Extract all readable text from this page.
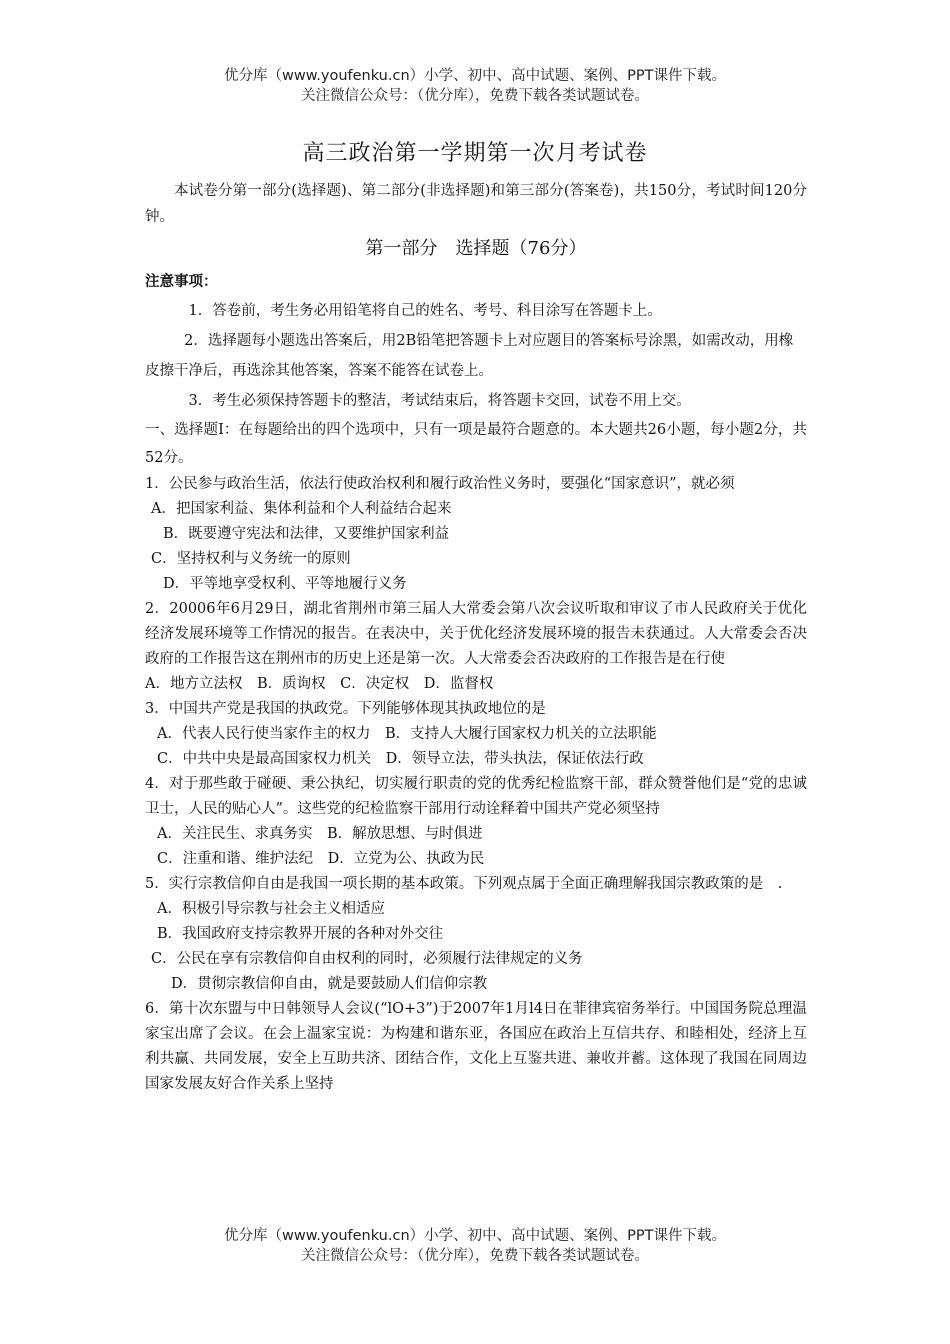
优分库（www.youfenku.cn）小学、初中、高中试题、案例、PPT课件下载。
关注微信公众号：（优分库），免费下载各类试题试卷。
高三政治第一学期第一次月考试卷
本试卷分第一部分(选择题)、第二部分(非选择题)和第三部分(答案卷)，共150分，考试时间120分钟。
第一部分　选择题（76分）
注意事项：
1．答卷前，考生务必用铅笔将自己的姓名、考号、科目涂写在答题卡上。
2．选择题每小题选出答案后，用2B铅笔把答题卡上对应题目的答案标号涂黑，如需改动，用橡皮擦干净后，再选涂其他答案，答案不能答在试卷上。
3．考生必须保持答题卡的整洁，考试结束后，将答题卡交回，试卷不用上交。
一、选择题Ⅰ：在每题给出的四个选项中，只有一项是最符合题意的。本大题共26小题，每小题2分，共52分。
1．公民参与政治生活，依法行使政治权利和履行政治性义务时，要强化“国家意识”，就必须
A．把国家利益、集体利益和个人利益结合起来
B．既要遵守宪法和法律，又要维护国家利益
C．坚持权利与义务统一的原则
D．平等地享受权利、平等地履行义务
2．20006年6月29日，湖北省荆州市第三届人大常委会第八次会议听取和审议了市人民政府关于优化经济发展环境等工作情况的报告。在表决中，关于优化经济发展环境的报告未获通过。人大常委会否决政府的工作报告这在荆州市的历史上还是第一次。人大常委会否决政府的工作报告是在行使
A．地方立法权　B．质询权　C．决定权　D．监督权
3．中国共产党是我国的执政党。下列能够体现其执政地位的是
A．代表人民行使当家作主的权力　B．支持人大履行国家权力机关的立法职能
C．中共中央是最高国家权力机关　D．领导立法，带头执法，保证依法行政
4．对于那些敢于碰硬、秉公执纪，切实履行职责的党的优秀纪检监察干部，群众赞誉他们是“党的忠诚卫士，人民的贴心人”。这些党的纪检监察干部用行动诠释着中国共产党必须坚持
A．关注民生、求真务实　B．解放思想、与时俱进
C．注重和谐、维护法纪　D．立党为公、执政为民
5．实行宗教信仰自由是我国一项长期的基本政策。下列观点属于全面正确理解我国宗教政策的是　.
A．积极引导宗教与社会主义相适应
B．我国政府支持宗教界开展的各种对外交往
C．公民在享有宗教信仰自由权利的同时，必须履行法律规定的义务
D．贯彻宗教信仰自由，就是要鼓励人们信仰宗教
6．第十次东盟与中日韩领导人会议(“lO+3”)于2007年1月l4日在菲律宾宿务举行。中国国务院总理温家宝出席了会议。在会上温家宝说：为构建和谐东亚，各国应在政治上互信共存、和睦相处，经济上互利共赢、共同发展，安全上互助共济、团结合作，文化上互鉴共进、兼收并蓄。这体现了我国在同周边国家发展友好合作关系上坚持
优分库（www.youfenku.cn）小学、初中、高中试题、案例、PPT课件下载。
关注微信公众号：（优分库），免费下载各类试题试卷。
